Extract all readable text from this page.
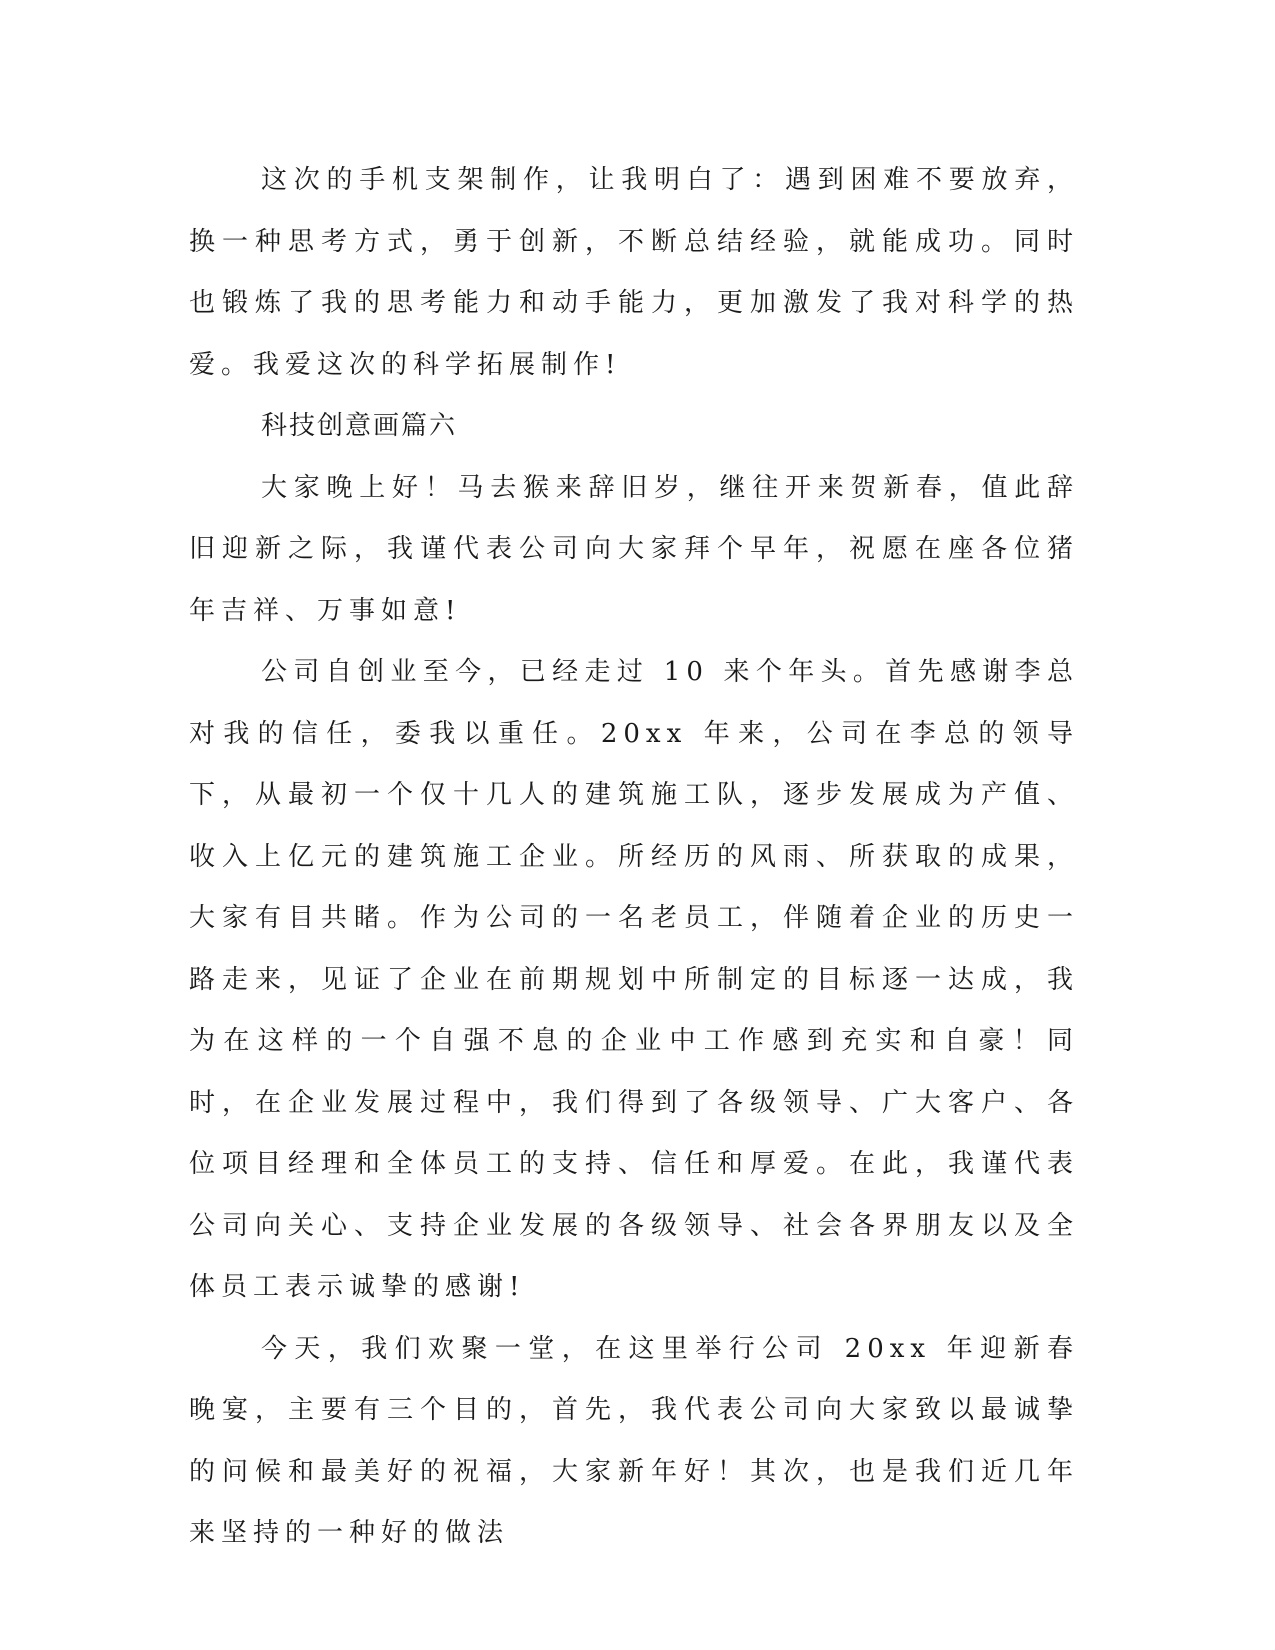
这次的手机支架制作，让我明白了：遇到困难不要放弃，换一种思考方式，勇于创新，不断总结经验，就能成功。同时也锻炼了我的思考能力和动手能力，更加激发了我对科学的热爱。我爱这次的科学拓展制作!

科技创意画篇六

大家晚上好！马去猴来辞旧岁，继往开来贺新春，值此辞旧迎新之际，我谨代表公司向大家拜个早年，祝愿在座各位猪年吉祥、万事如意!

公司自创业至今，已经走过 10 来个年头。首先感谢李总对我的信任，委我以重任。20xx 年来，公司在李总的领导下，从最初一个仅十几人的建筑施工队，逐步发展成为产值、收入上亿元的建筑施工企业。所经历的风雨、所获取的成果，大家有目共睹。作为公司的一名老员工，伴随着企业的历史一路走来，见证了企业在前期规划中所制定的目标逐一达成，我为在这样的一个自强不息的企业中工作感到充实和自豪！同时，在企业发展过程中，我们得到了各级领导、广大客户、各位项目经理和全体员工的支持、信任和厚爱。在此，我谨代表公司向关心、支持企业发展的各级领导、社会各界朋友以及全体员工表示诚挚的感谢!

今天，我们欢聚一堂，在这里举行公司 20xx 年迎新春晚宴，主要有三个目的，首先，我代表公司向大家致以最诚挚的问候和最美好的祝福，大家新年好！其次，也是我们近几年来坚持的一种好的做法
